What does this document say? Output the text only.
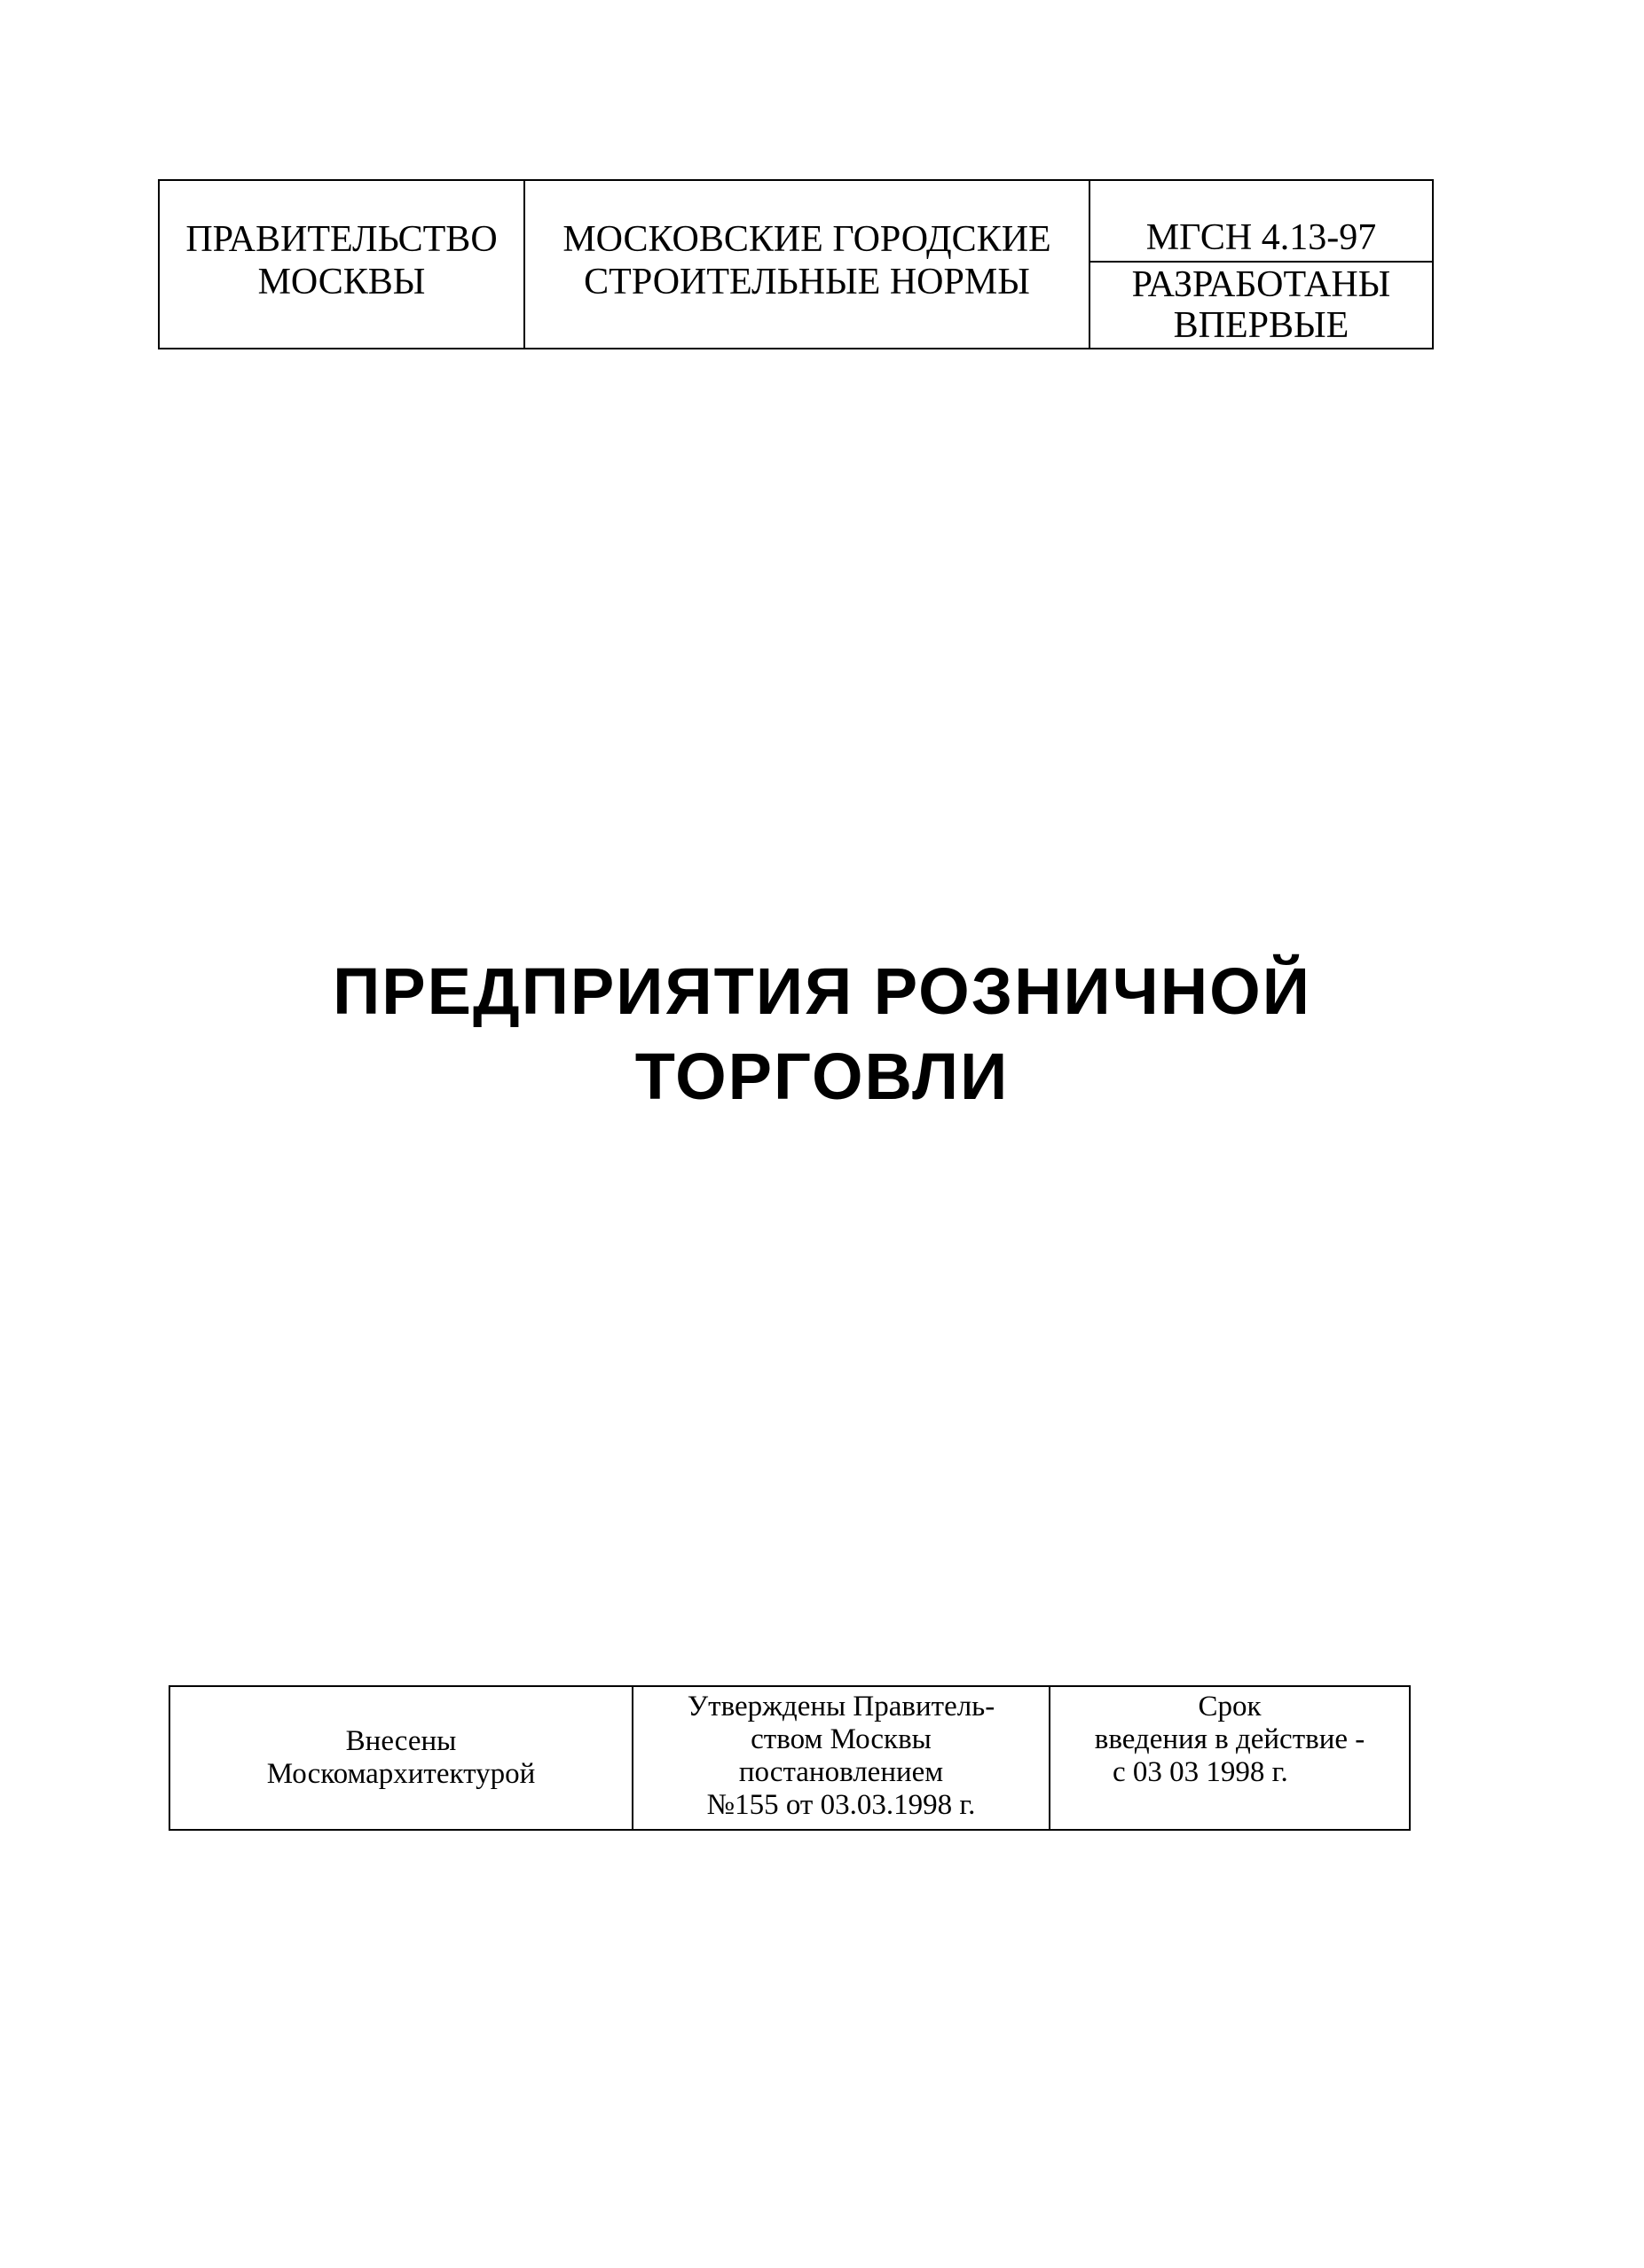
ПРАВИТЕЛЬСТВО
МОСКВЫ
МОСКОВСКИЕ ГОРОДСКИЕ
СТРОИТЕЛЬНЫЕ НОРМЫ
МГСН 4.13-97
РАЗРАБОТАНЫ
ВПЕРВЫЕ
ПРЕДПРИЯТИЯ РОЗНИЧНОЙ
ТОРГОВЛИ
Внесены
Москомархитектурой
Утверждены Правитель-
ством Москвы
постановлением
№155 от 03.03.1998 г.
Срок
введения в действие -
с 03 03 1998 г.
